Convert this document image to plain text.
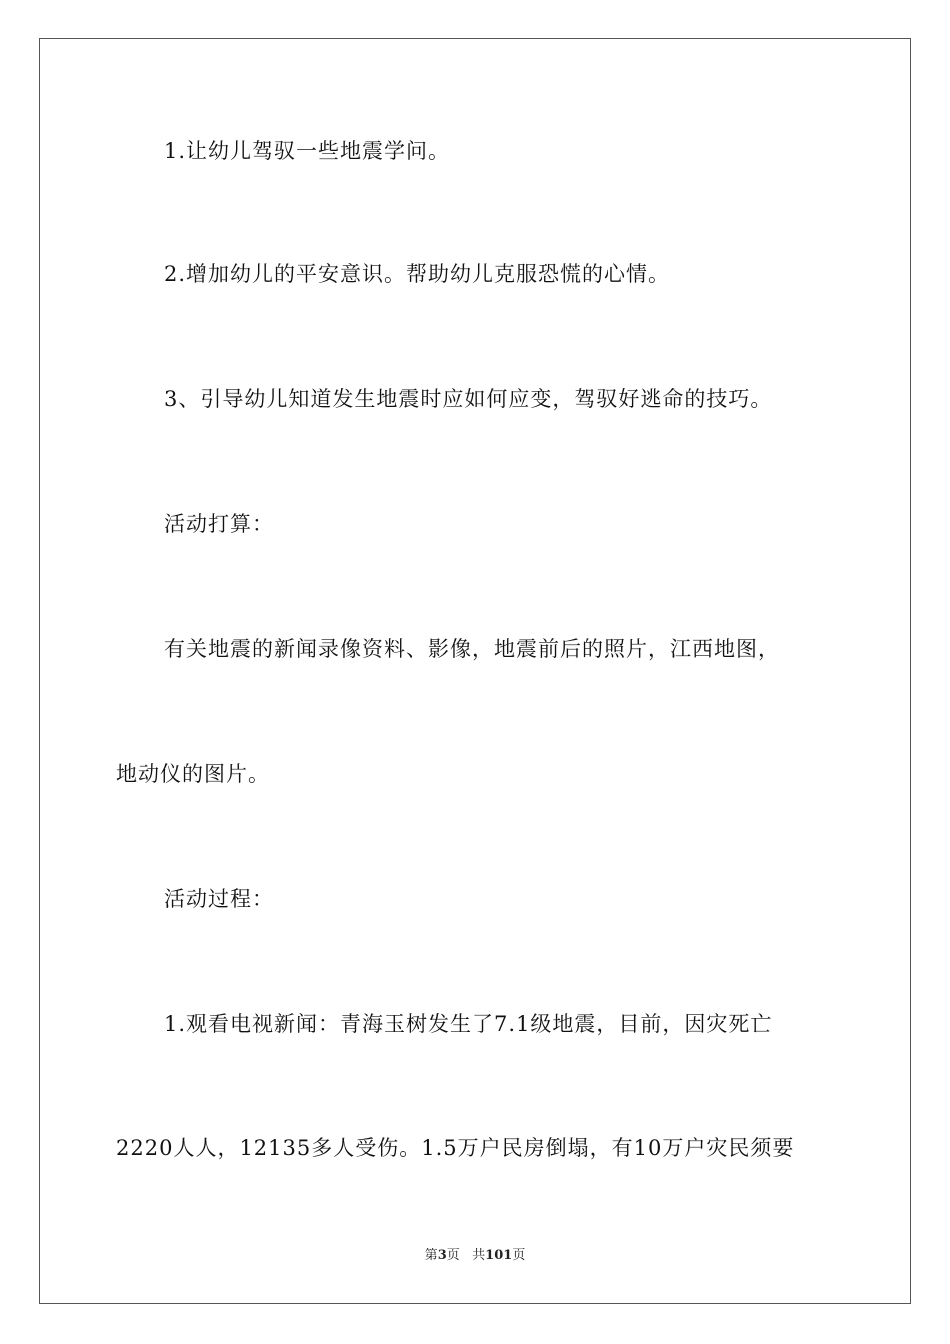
1.让幼儿驾驭一些地震学问。
2.增加幼儿的平安意识。帮助幼儿克服恐慌的心情。
3、引导幼儿知道发生地震时应如何应变，驾驭好逃命的技巧。
活动打算：
有关地震的新闻录像资料、影像，地震前后的照片，江西地图，
地动仪的图片。
活动过程：
1.观看电视新闻：青海玉树发生了7.1级地震，目前，因灾死亡
2220人人，12135多人受伤。1.5万户民房倒塌，有10万户灾民须要
第3页 共101页
